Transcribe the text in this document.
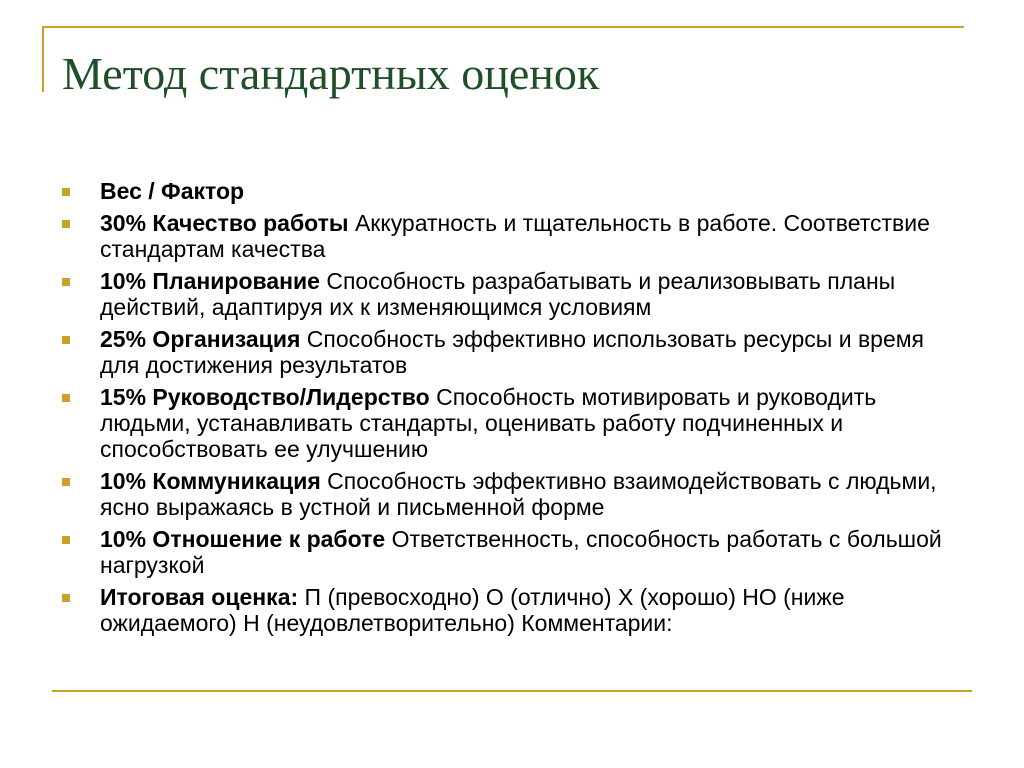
Метод стандартных оценок
Вес / Фактор
30% Качество работы Аккуратность и тщательность в работе. Соответствие стандартам качества
10% Планирование Способность разрабатывать и реализовывать планы действий, адаптируя их к изменяющимся условиям
25% Организация Способность эффективно использовать ресурсы и время для достижения результатов
15% Руководство/Лидерство Способность мотивировать и руководить людьми, устанавливать стандарты, оценивать работу подчиненных и способствовать ее улучшению
10% Коммуникация Способность эффективно взаимодействовать с людьми, ясно выражаясь в устной и письменной форме
10% Отношение к работе Ответственность, способность работать с большой нагрузкой
Итоговая оценка: П (превосходно) О (отлично) Х (хорошо) НО (ниже ожидаемого) Н (неудовлетворительно) Комментарии:
